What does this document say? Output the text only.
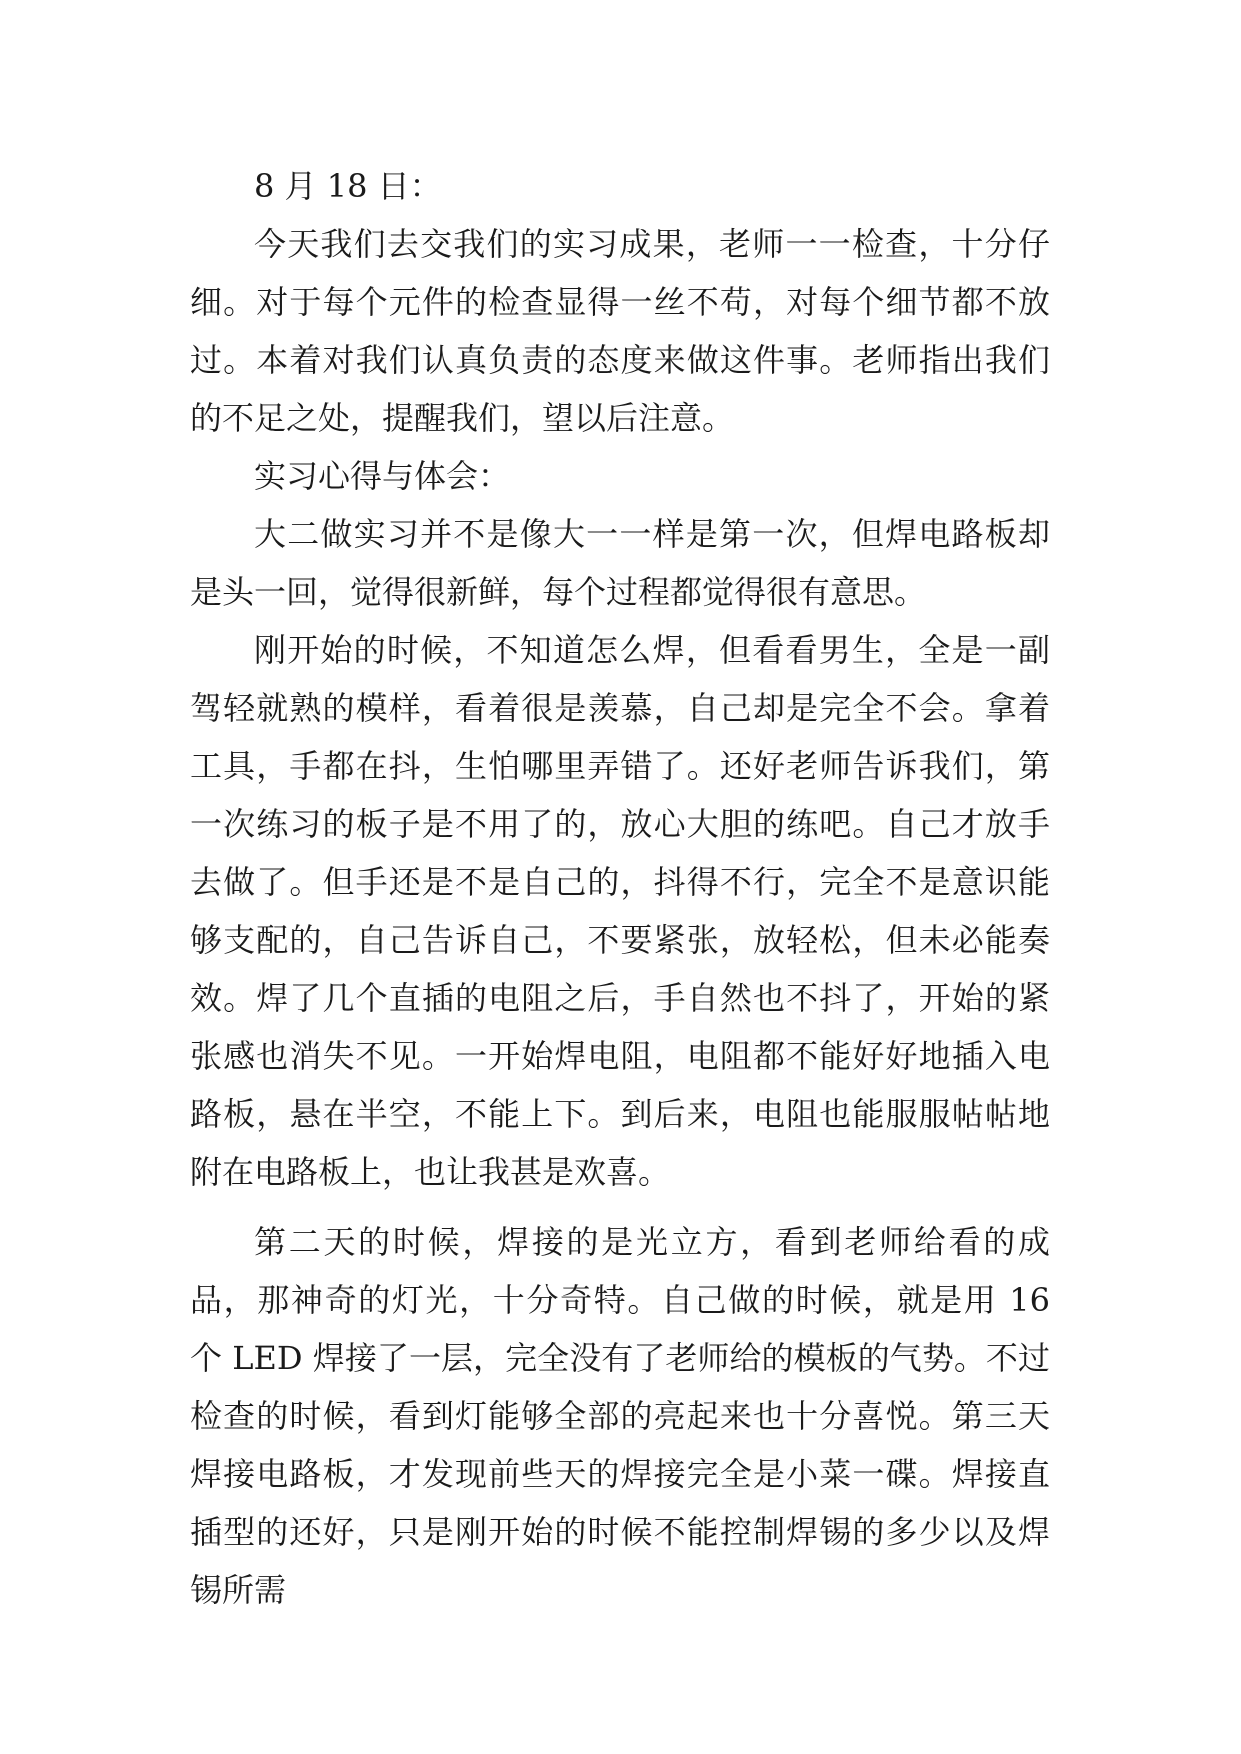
8 月 18 日：

今天我们去交我们的实习成果，老师一一检查，十分仔细。对于每个元件的检查显得一丝不苟，对每个细节都不放过。本着对我们认真负责的态度来做这件事。老师指出我们的不足之处，提醒我们，望以后注意。

实习心得与体会：

大二做实习并不是像大一一样是第一次，但焊电路板却是头一回，觉得很新鲜，每个过程都觉得很有意思。

刚开始的时候，不知道怎么焊，但看看男生，全是一副驾轻就熟的模样，看着很是羡慕，自己却是完全不会。拿着工具，手都在抖，生怕哪里弄错了。还好老师告诉我们，第一次练习的板子是不用了的，放心大胆的练吧。自己才放手去做了。但手还是不是自己的，抖得不行，完全不是意识能够支配的，自己告诉自己，不要紧张，放轻松，但未必能奏效。焊了几个直插的电阻之后，手自然也不抖了，开始的紧张感也消失不见。一开始焊电阻，电阻都不能好好地插入电路板，悬在半空，不能上下。到后来，电阻也能服服帖帖地附在电路板上，也让我甚是欢喜。

第二天的时候，焊接的是光立方，看到老师给看的成品，那神奇的灯光，十分奇特。自己做的时候，就是用 16 个 LED 焊接了一层，完全没有了老师给的模板的气势。不过检查的时候，看到灯能够全部的亮起来也十分喜悦。第三天焊接电路板，才发现前些天的焊接完全是小菜一碟。焊接直插型的还好，只是刚开始的时候不能控制焊锡的多少以及焊锡所需
